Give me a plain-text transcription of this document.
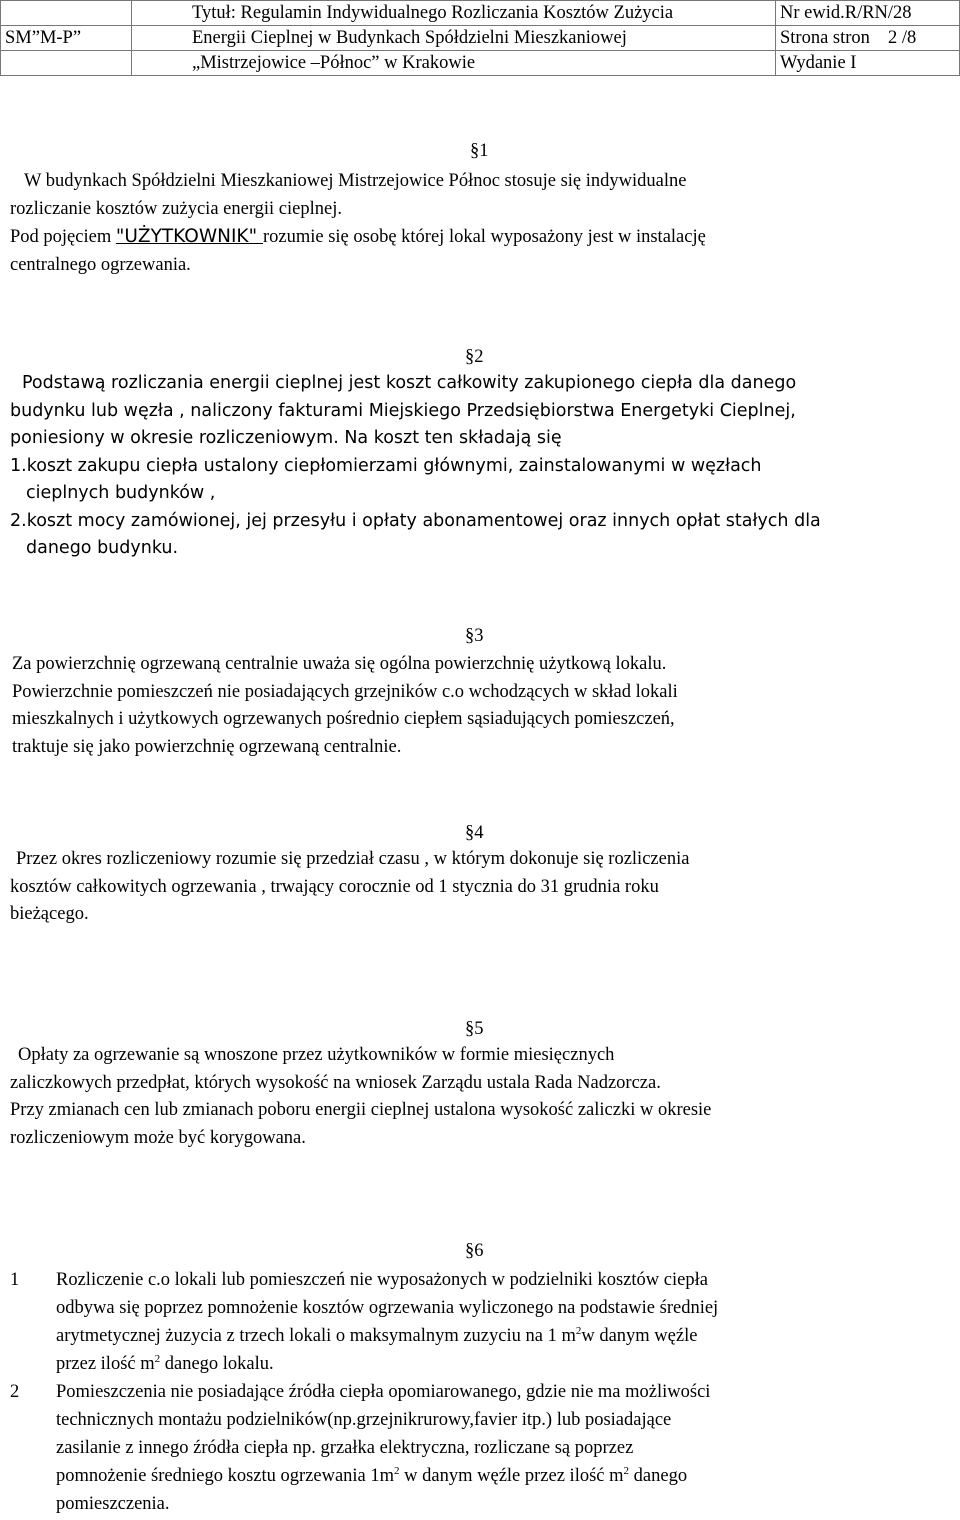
	Tytuł: Regulamin Indywidualnego Rozliczania Kosztów Zużycia	Nr ewid.R/RN/28
SM”M-P”	Energii Cieplnej w Budynkach Spółdzielni Mieszkaniowej	Strona stron 2 /8
	„Mistrzejowice –Północ” w Krakowie	Wydanie I
§1
W budynkach Spółdzielni Mieszkaniowej Mistrzejowice Północ stosuje się indywidualne
rozliczanie kosztów zużycia energii cieplnej.
Pod pojęciem "UŻYTKOWNIK" rozumie się osobę której lokal wyposażony jest w instalację
centralnego ogrzewania.
§2
Podstawą rozliczania energii cieplnej jest koszt całkowity zakupionego ciepła dla danego
budynku lub węzła , naliczony fakturami Miejskiego Przedsiębiorstwa Energetyki Cieplnej,
poniesiony w okresie rozliczeniowym. Na koszt ten składają się
1.koszt zakupu ciepła ustalony ciepłomierzami głównymi, zainstalowanymi w węzłach
cieplnych budynków ,
2.koszt mocy zamówionej, jej przesyłu i opłaty abonamentowej oraz innych opłat stałych dla
danego budynku.
§3
Za powierzchnię ogrzewaną centralnie uważa się ogólna powierzchnię użytkową lokalu.
Powierzchnie pomieszczeń nie posiadających grzejników c.o wchodzących w skład lokali
mieszkalnych i użytkowych ogrzewanych pośrednio ciepłem sąsiadujących pomieszczeń,
traktuje się jako powierzchnię ogrzewaną centralnie.
§4
Przez okres rozliczeniowy rozumie się przedział czasu , w którym dokonuje się rozliczenia
kosztów całkowitych ogrzewania , trwający corocznie od 1 stycznia do 31 grudnia roku
bieżącego.
§5
Opłaty za ogrzewanie są wnoszone przez użytkowników w formie miesięcznych
zaliczkowych przedpłat, których wysokość na wniosek Zarządu ustala Rada Nadzorcza.
Przy zmianach cen lub zmianach poboru energii cieplnej ustalona wysokość zaliczki w okresie
rozliczeniowym może być korygowana.
§6
1 Rozliczenie c.o lokali lub pomieszczeń nie wyposażonych w podzielniki kosztów ciepła
odbywa się poprzez pomnożenie kosztów ogrzewania wyliczonego na podstawie średniej
arytmetycznej żuzycia z trzech lokali o maksymalnym zuzyciu na 1 $m^2w$ danym węźle
przez ilość $m^2$ danego lokalu.
2 Pomieszczenia nie posiadające źródła ciepła opomiarowanego, gdzie nie ma możliwości
technicznych montażu podzielników(np.grzejnikrurowy,favier itp.) lub posiadające
zasilanie z innego źródła ciepła np. grzałka elektryczna, rozliczane są poprzez
pomnożenie średniego kosztu ogrzewania $1m^2$ w danym węźle przez ilość $m^2$ danego
pomieszczenia.
